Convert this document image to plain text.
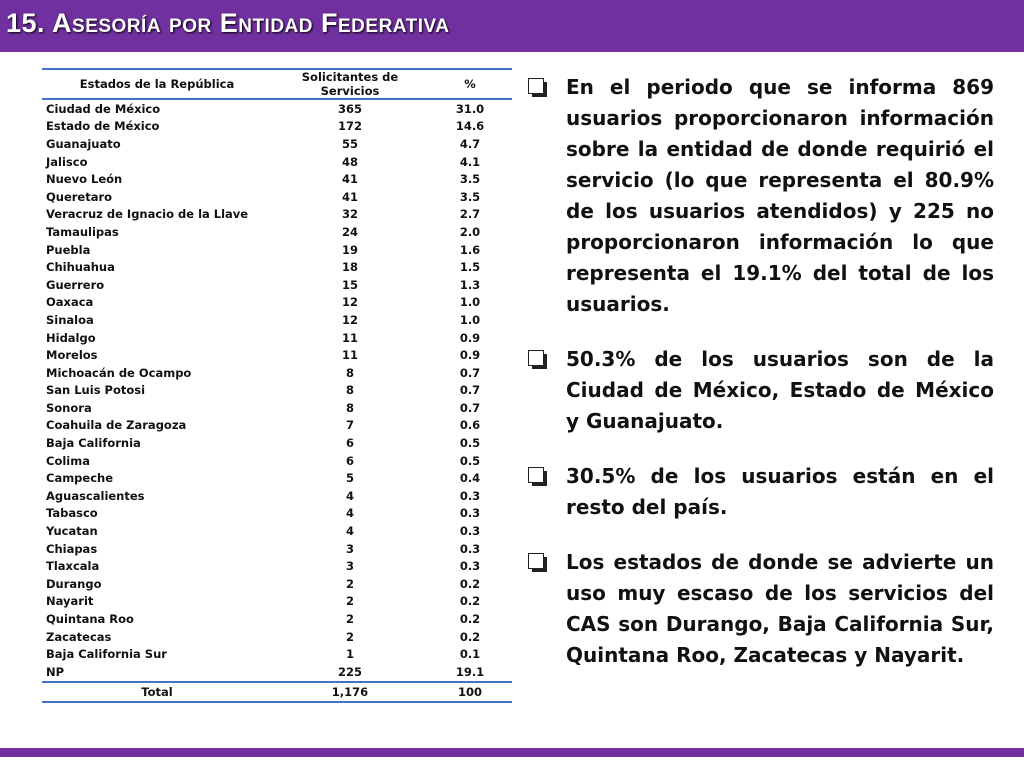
15. Asesoría por Entidad Federativa
Estados de la República	Solicitantes de Servicios	%
Ciudad de México	365	31.0
Estado de México	172	14.6
Guanajuato	55	4.7
Jalisco	48	4.1
Nuevo León	41	3.5
Queretaro	41	3.5
Veracruz de Ignacio de la Llave	32	2.7
Tamaulipas	24	2.0
Puebla	19	1.6
Chihuahua	18	1.5
Guerrero	15	1.3
Oaxaca	12	1.0
Sinaloa	12	1.0
Hidalgo	11	0.9
Morelos	11	0.9
Michoacán de Ocampo	8	0.7
San Luis Potosi	8	0.7
Sonora	8	0.7
Coahuila de Zaragoza	7	0.6
Baja California	6	0.5
Colima	6	0.5
Campeche	5	0.4
Aguascalientes	4	0.3
Tabasco	4	0.3
Yucatan	4	0.3
Chiapas	3	0.3
Tlaxcala	3	0.3
Durango	2	0.2
Nayarit	2	0.2
Quintana Roo	2	0.2
Zacatecas	2	0.2
Baja California Sur	1	0.1
NP	225	19.1
Total	1,176	100
En el periodo que se informa 869 usuarios proporcionaron información sobre la entidad de donde requirió el servicio (lo que representa el 80.9% de los usuarios atendidos) y 225 no proporcionaron información lo que representa el 19.1% del total de los usuarios.
50.3% de los usuarios son de la Ciudad de México, Estado de México y Guanajuato.
30.5% de los usuarios están en el resto del país.
Los estados de donde se advierte un uso muy escaso de los servicios del CAS son Durango, Baja California Sur, Quintana Roo, Zacatecas y Nayarit.
